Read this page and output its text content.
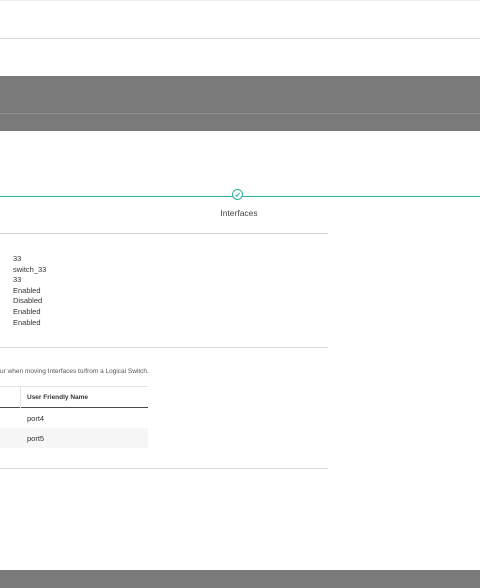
Interfaces
33
switch_33
33
Enabled
Disabled
Enabled
Enabled
ur when moving Interfaces to/from a Logical Switch.
User Friendly Name
port4
port5
